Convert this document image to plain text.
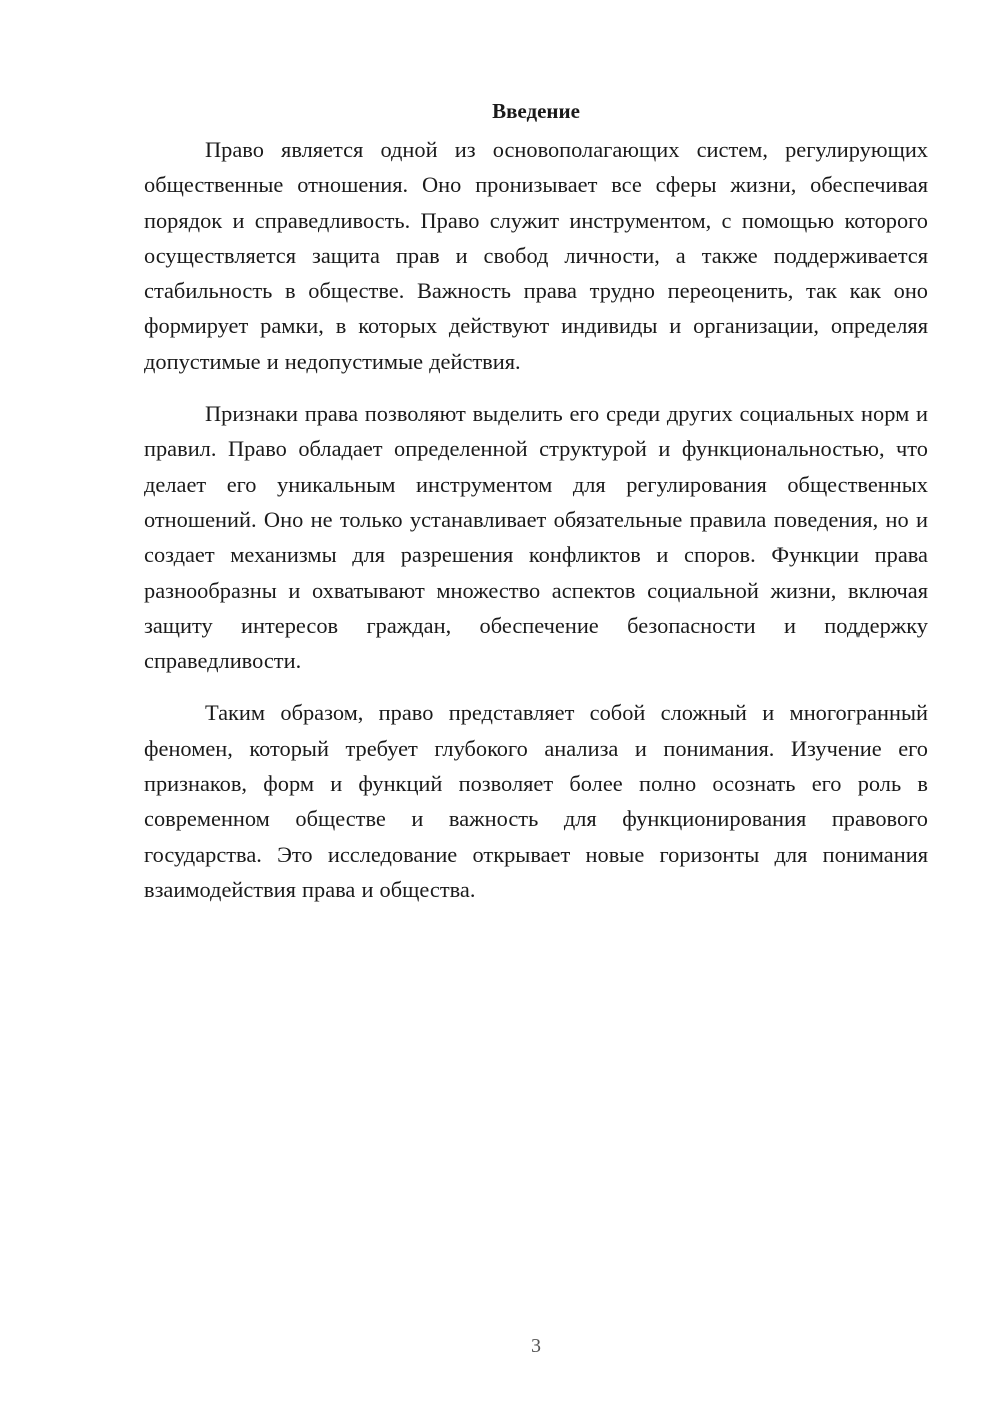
Введение

Право является одной из основополагающих систем, регулирующих общественные отношения. Оно пронизывает все сферы жизни, обеспечивая порядок и справедливость. Право служит инструментом, с помощью которого осуществляется защита прав и свобод личности, а также поддерживается стабильность в обществе. Важность права трудно переоценить, так как оно формирует рамки, в которых действуют индивиды и организации, определяя допустимые и недопустимые действия.

Признаки права позволяют выделить его среди других социальных норм и правил. Право обладает определенной структурой и функциональностью, что делает его уникальным инструментом для регулирования общественных отношений. Оно не только устанавливает обязательные правила поведения, но и создает механизмы для разрешения конфликтов и споров. Функции права разнообразны и охватывают множество аспектов социальной жизни, включая защиту интересов граждан, обеспечение безопасности и поддержку справедливости.

Таким образом, право представляет собой сложный и многогранный феномен, который требует глубокого анализа и понимания. Изучение его признаков, форм и функций позволяет более полно осознать его роль в современном обществе и важность для функционирования правового государства. Это исследование открывает новые горизонты для понимания взаимодействия права и общества.

3
